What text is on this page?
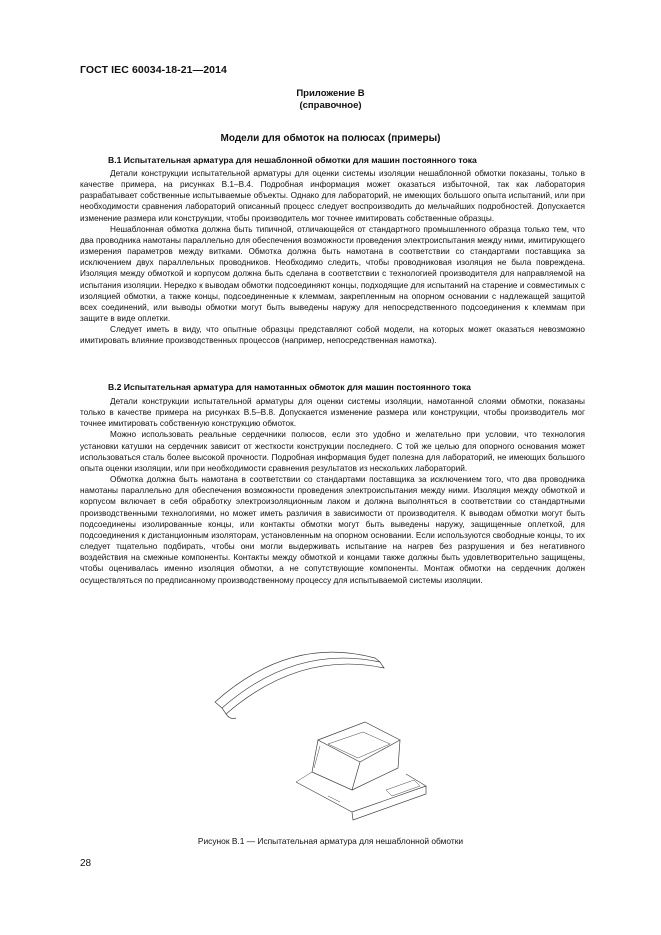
ГОСТ IEC 60034-18-21—2014
Приложение В
(справочное)
Модели для обмоток на полюсах (примеры)
В.1 Испытательная арматура для нешаблонной обмотки для машин постоянного тока

Детали конструкции испытательной арматуры для оценки системы изоляции нешаблонной обмотки показаны, только в качестве примера, на рисунках В.1–В.4. Подробная информация может оказаться избыточной, так как лаборатория разрабатывает собственные испытываемые объекты. Однако для лабораторий, не имеющих большого опыта испытаний, или при необходимости сравнения лабораторий описанный процесс следует воспроизводить до мельчайших подробностей. Допускается изменение размера или конструкции, чтобы производитель мог точнее имитировать собственные образцы.

Нешаблонная обмотка должна быть типичной, отличающейся от стандартного промышленного образца только тем, что два проводника намотаны параллельно для обеспечения возможности проведения электроиспытания между ними, имитирующего измерения параметров между витками. Обмотка должна быть намотана в соответствии со стандартами поставщика за исключением двух параллельных проводников. Необходимо следить, чтобы проводниковая изоляция не была повреждена. Изоляция между обмоткой и корпусом должна быть сделана в соответствии с технологией производителя для направляемой на испытания изоляции. Нередко к выводам обмотки подсоединяют концы, подходящие для испытаний на старение и совместимых с изоляцией обмотки, а также концы, подсоединенные к клеммам, закрепленным на опорном основании с надлежащей защитой всех соединений, или выводы обмотки могут быть выведены наружу для непосредственного подсоединения к клеммам при защите в виде оплетки.

Следует иметь в виду, что опытные образцы представляют собой модели, на которых может оказаться невозможно имитировать влияние производственных процессов (например, непосредственная намотка).

В.2 Испытательная арматура для намотанных обмоток для машин постоянного тока

Детали конструкции испытательной арматуры для оценки системы изоляции, намотанной слоями обмотки, показаны только в качестве примера на рисунках В.5–В.8. Допускается изменение размера или конструкции, чтобы производитель мог точнее имитировать собственную конструкцию обмоток.

Можно использовать реальные сердечники полюсов, если это удобно и желательно при условии, что технология установки катушки на сердечник зависит от жесткости конструкции последнего. С той же целью для опорного основания может использоваться сталь более высокой прочности. Подробная информация будет полезна для лабораторий, не имеющих большого опыта оценки изоляции, или при необходимости сравнения результатов из нескольких лабораторий.

Обмотка должна быть намотана в соответствии со стандартами поставщика за исключением того, что два проводника намотаны параллельно для обеспечения возможности проведения электроиспытания между ними. Изоляция между обмоткой и корпусом включает в себя обработку электроизоляционным лаком и должна выполняться в соответствии со стандартными производственными технологиями, но может иметь различия в зависимости от производителя. К выводам обмотки могут быть подсоединены изолированные концы, или контакты обмотки могут быть выведены наружу, защищенные оплеткой, для подсоединения к дистанционным изоляторам, установленным на опорном основании. Если используются свободные концы, то их следует тщательно подбирать, чтобы они могли выдерживать испытание на нагрев без разрушения и без негативного воздействия на смежные компоненты. Контакты между обмоткой и концами также должны быть удовлетворительно защищены, чтобы оценивалась именно изоляция обмотки, а не сопутствующие компоненты. Монтаж обмотки на сердечник должен осуществляться по предписанному производственному процессу для испытываемой системы изоляции.

Рисунок В.1 — Испытательная арматура для нешаблонной обмотки
28
